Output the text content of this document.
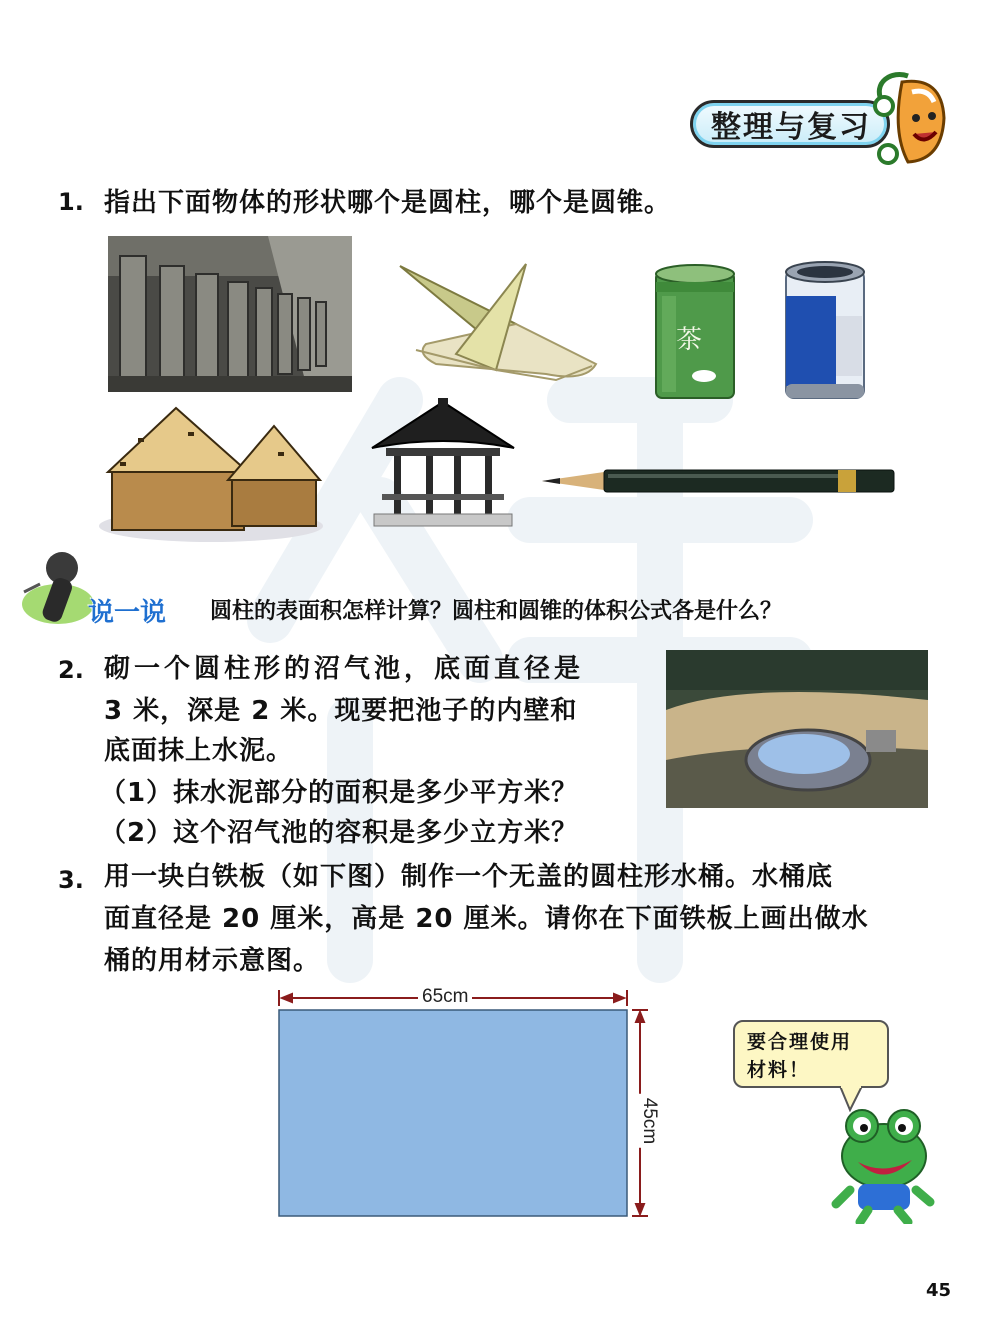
整理与复习
1. 指出下面物体的形状哪个是圆柱，哪个是圆锥。
茶
说一说 圆柱的表面积怎样计算？圆柱和圆锥的体积公式各是什么？
2. 砌一个圆柱形的沼气池，底面直径是
3 米，深是 2 米。现要把池子的内壁和
底面抹上水泥。
（1）抹水泥部分的面积是多少平方米？
（2）这个沼气池的容积是多少立方米？
3. 用一块白铁板（如下图）制作一个无盖的圆柱形水桶。水桶底
面直径是 20 厘米，高是 20 厘米。请你在下面铁板上画出做水
桶的用材示意图。
65cm
45cm
要合理使用
材料！
45
